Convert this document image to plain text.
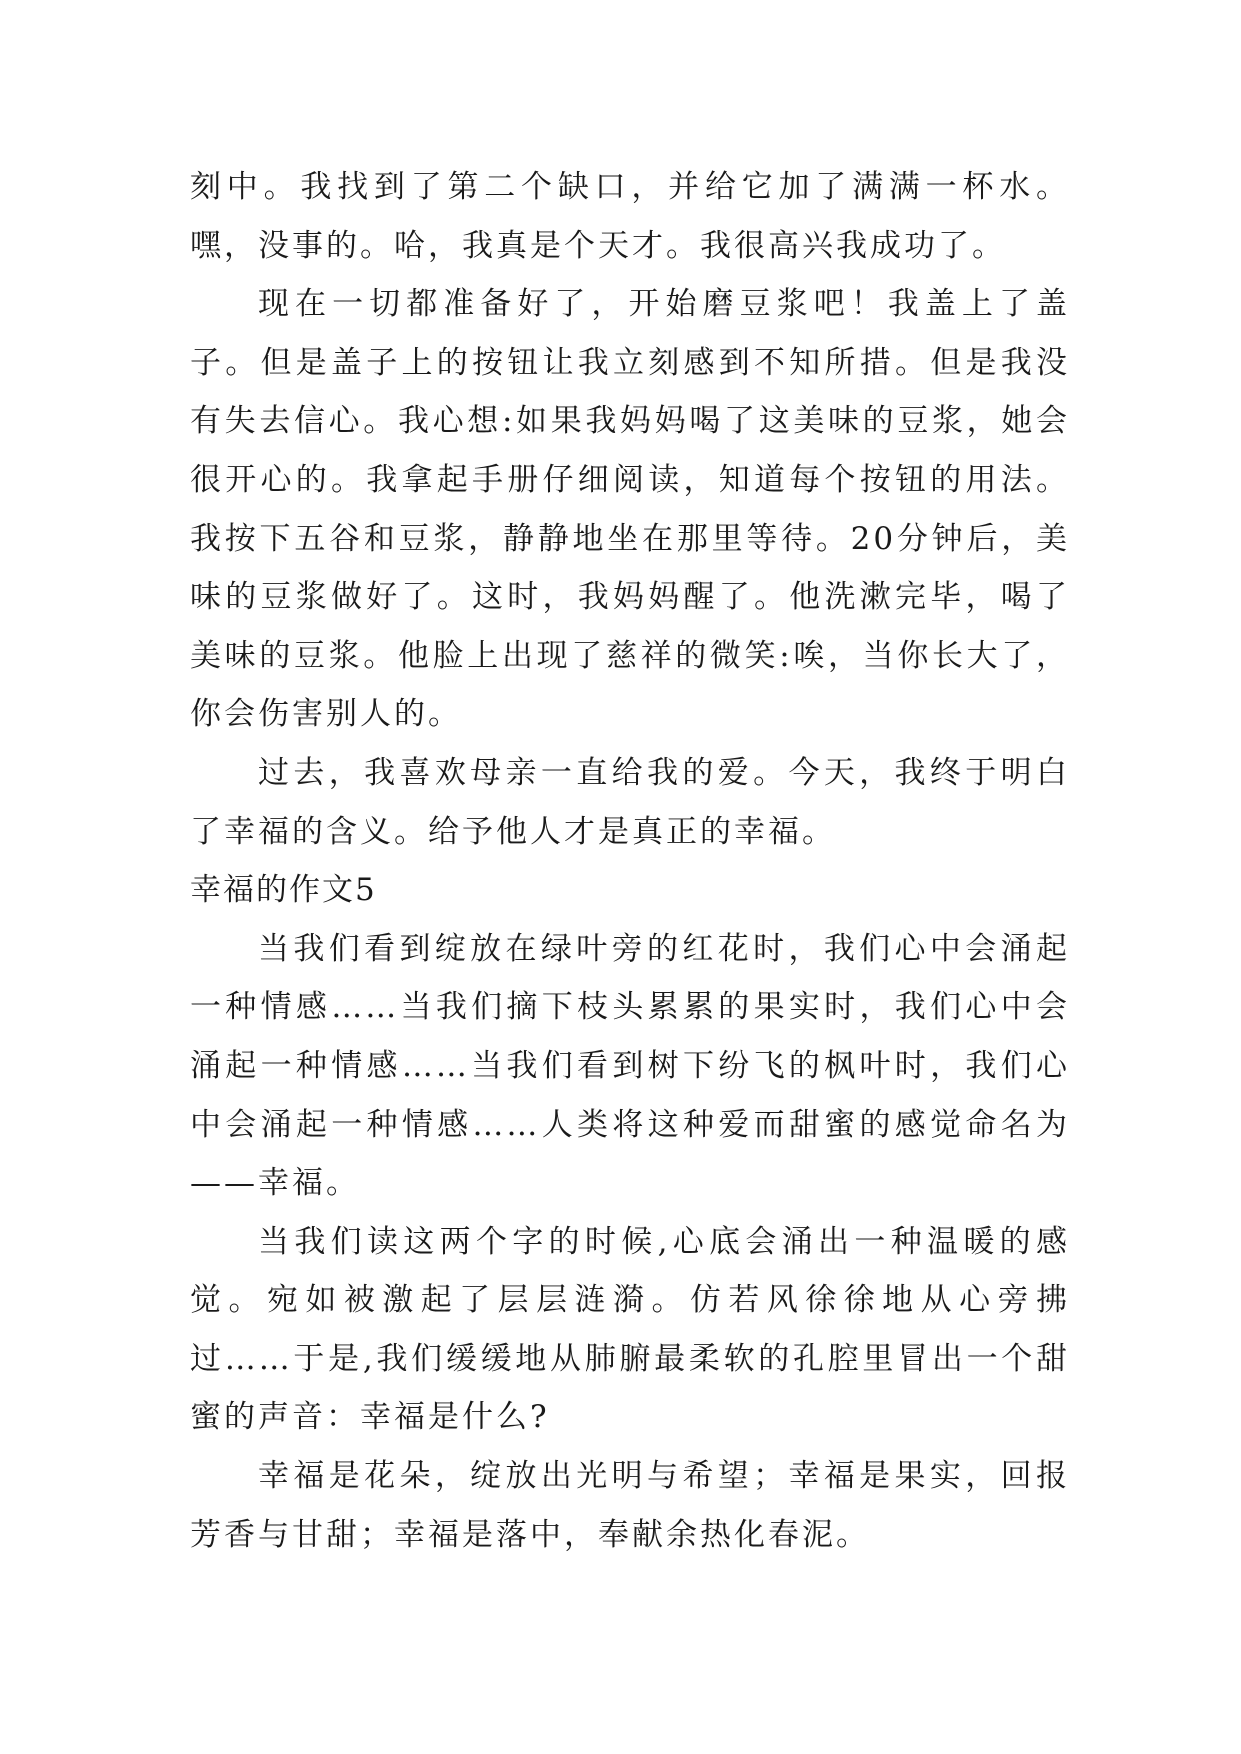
刻中。我找到了第二个缺口，并给它加了满满一杯水。嘿，没事的。哈，我真是个天才。我很高兴我成功了。

现在一切都准备好了，开始磨豆浆吧！我盖上了盖子。但是盖子上的按钮让我立刻感到不知所措。但是我没有失去信心。我心想:如果我妈妈喝了这美味的豆浆，她会很开心的。我拿起手册仔细阅读，知道每个按钮的用法。我按下五谷和豆浆，静静地坐在那里等待。20分钟后，美味的豆浆做好了。这时，我妈妈醒了。他洗漱完毕，喝了美味的豆浆。他脸上出现了慈祥的微笑:唉，当你长大了，你会伤害别人的。

过去，我喜欢母亲一直给我的爱。今天，我终于明白了幸福的含义。给予他人才是真正的幸福。

幸福的作文5

当我们看到绽放在绿叶旁的红花时，我们心中会涌起一种情感……当我们摘下枝头累累的果实时，我们心中会涌起一种情感……当我们看到树下纷飞的枫叶时，我们心中会涌起一种情感……人类将这种爱而甜蜜的感觉命名为——幸福。

当我们读这两个字的时候,心底会涌出一种温暖的感觉。宛如被激起了层层涟漪。仿若风徐徐地从心旁拂过……于是,我们缓缓地从肺腑最柔软的孔腔里冒出一个甜蜜的声音：幸福是什么?

幸福是花朵，绽放出光明与希望；幸福是果实，回报芳香与甘甜；幸福是落中，奉献余热化春泥。
